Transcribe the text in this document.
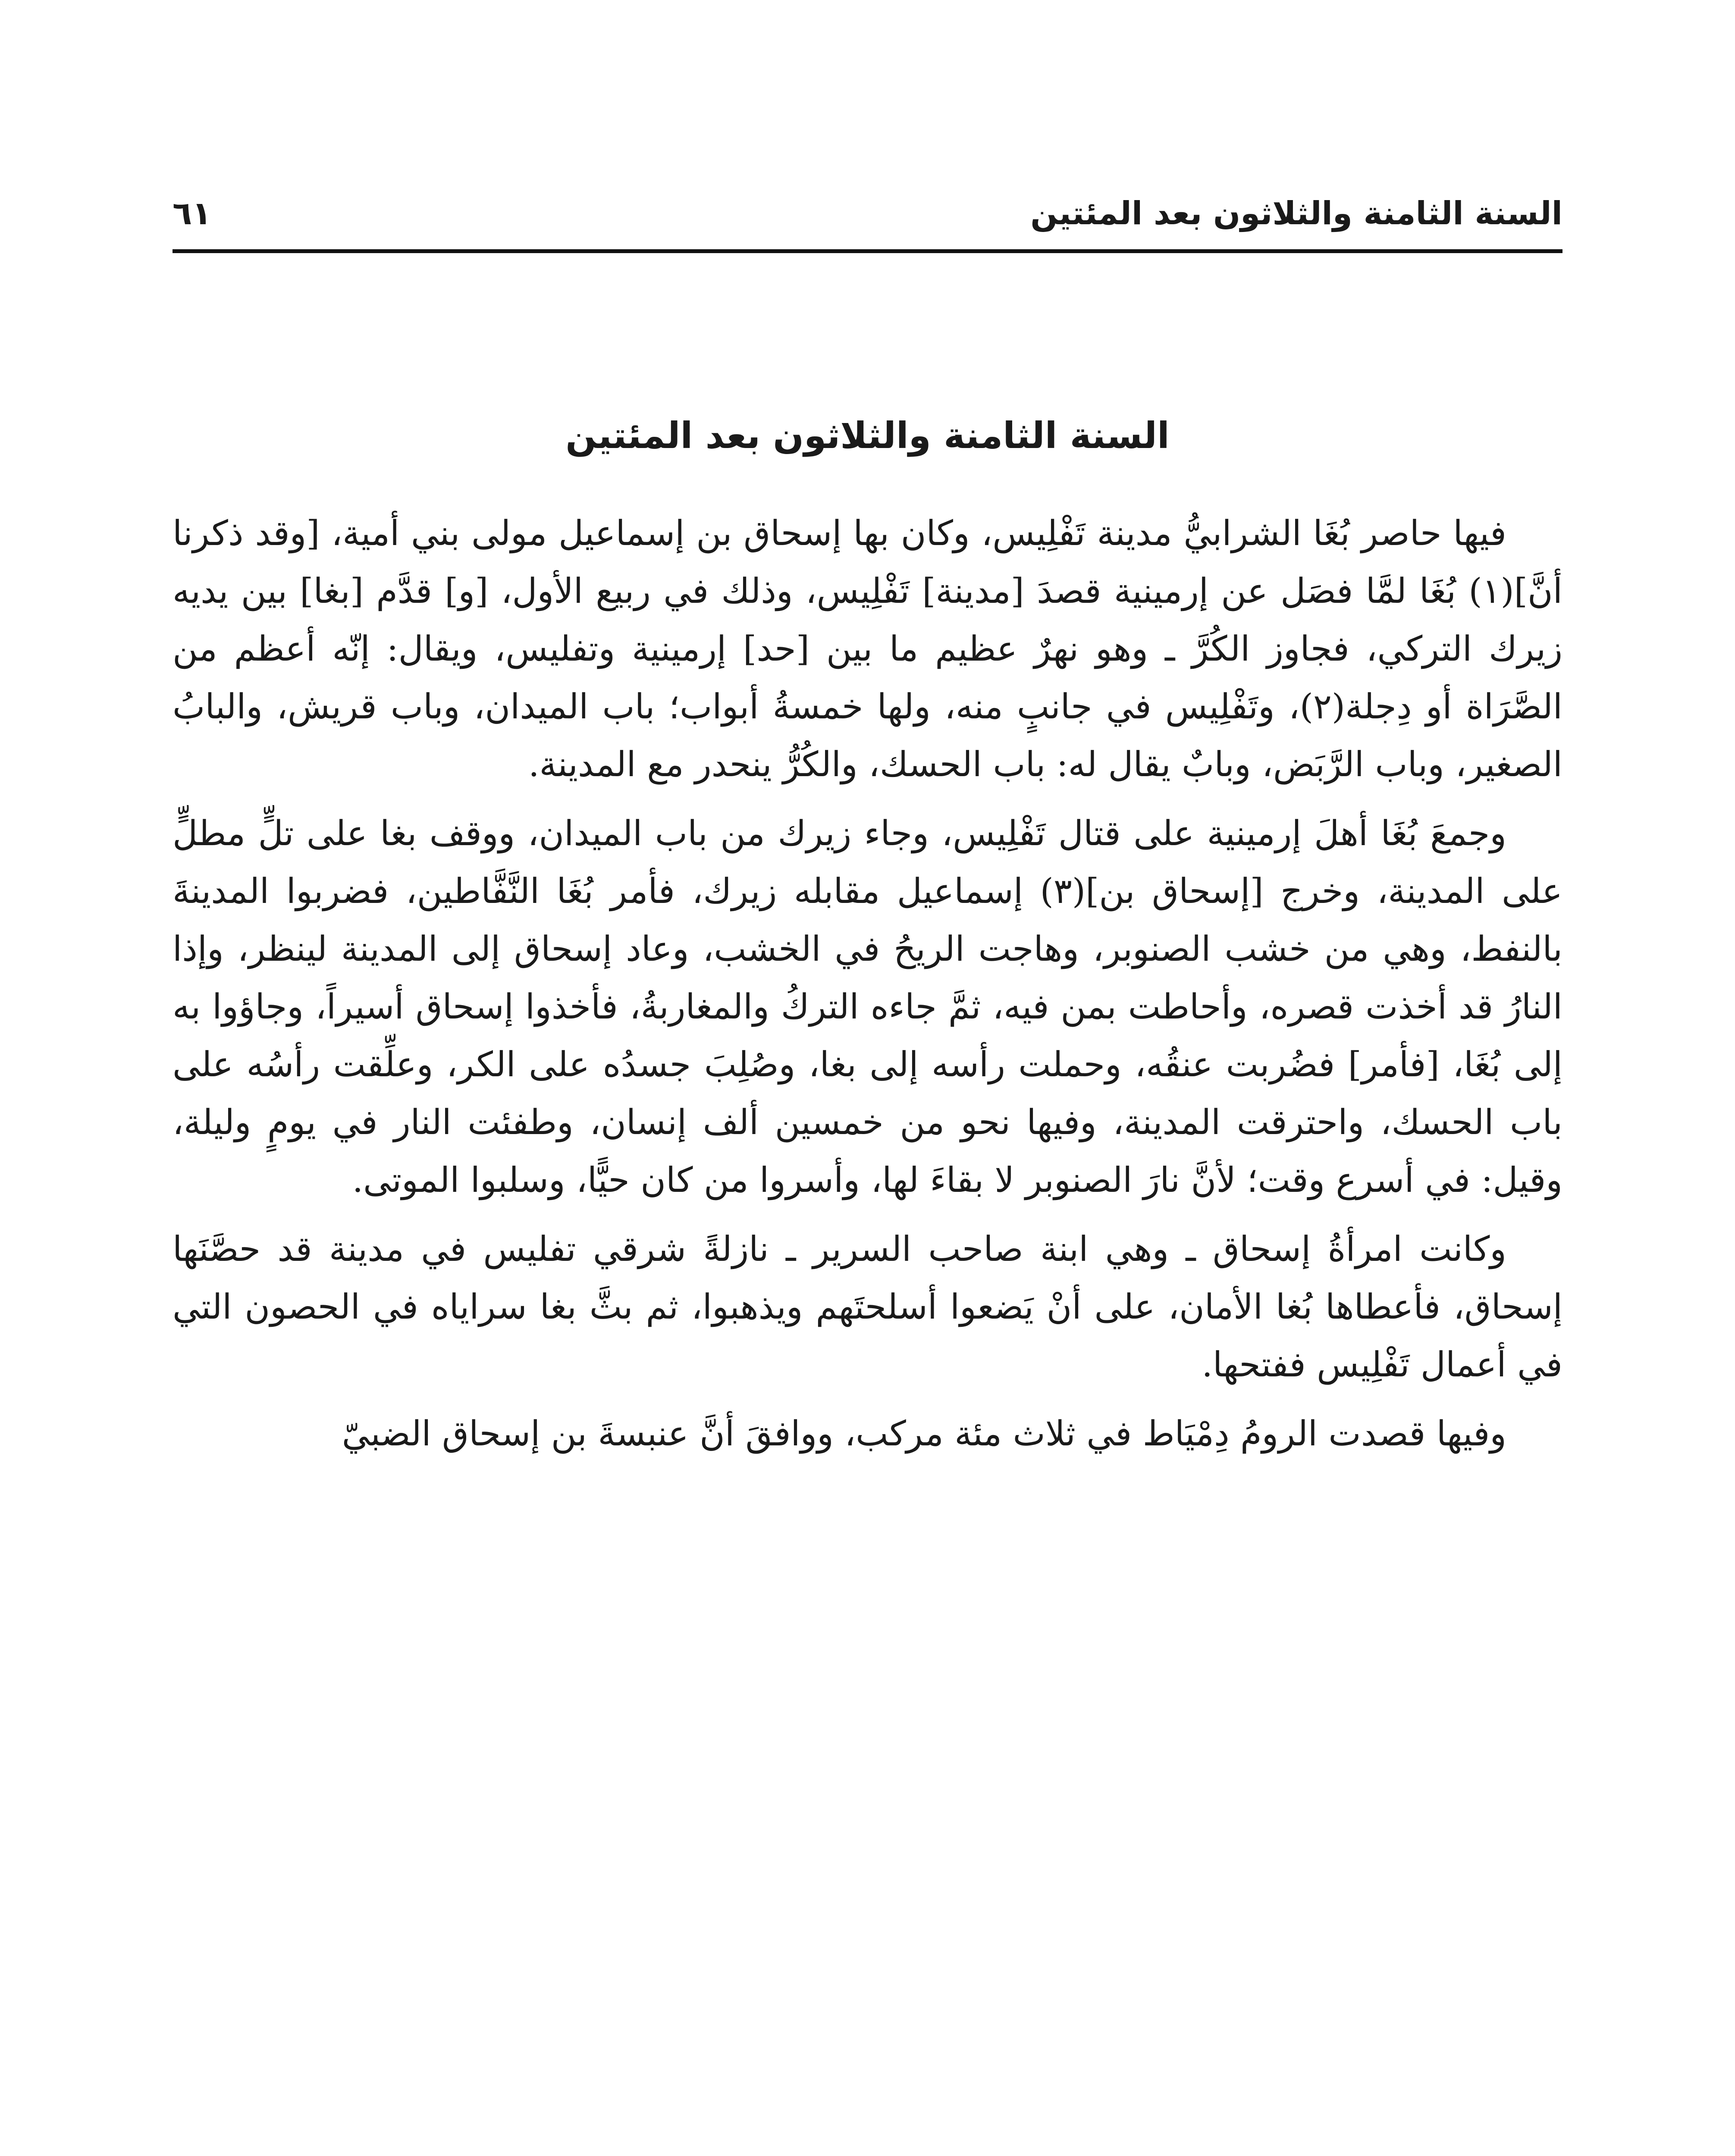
السنة الثامنة والثلاثون بعد المئتين
٦١
السنة الثامنة والثلاثون بعد المئتين

فيها حاصر بُغَا الشرابيُّ مدينة تَفْلِيس، وكان بها إسحاق بن إسماعيل مولى بني أمية، [وقد ذكرنا أنَّ](١) بُغَا لمَّا فصَل عن إرمينية قصدَ [مدينة] تَفْلِيس، وذلك في ربيع الأول، [و] قدَّم [بغا] بين يديه زيرك التركي، فجاوز الكُرَّ ـ وهو نهرٌ عظيم ما بين [حد] إرمينية وتفليس، ويقال: إنّه أعظم من الصَّرَاة أو دِجلة(٢)، وتَفْلِيس في جانبٍ منه، ولها خمسةُ أبواب؛ باب الميدان، وباب قريش، والبابُ الصغير، وباب الرَّبَض، وبابٌ يقال له: باب الحسك، والكُرُّ ينحدر مع المدينة.

وجمعَ بُغَا أهلَ إرمينية على قتال تَفْلِيس، وجاء زيرك من باب الميدان، ووقف بغا على تلٍّ مطلٍّ على المدينة، وخرج [إسحاق بن](٣) إسماعيل مقابله زيرك، فأمر بُغَا النَّفَّاطين، فضربوا المدينةَ بالنفط، وهي من خشب الصنوبر، وهاجت الريحُ في الخشب، وعاد إسحاق إلى المدينة لينظر، وإذا النارُ قد أخذت قصره، وأحاطت بمن فيه، ثمَّ جاءه التركُ والمغاربةُ، فأخذوا إسحاق أسيراً، وجاؤوا به إلى بُغَا، [فأمر] فضُربت عنقُه، وحملت رأسه إلى بغا، وصُلِبَ جسدُه على الكر، وعلِّقت رأسُه على باب الحسك، واحترقت المدينة، وفيها نحو من خمسين ألف إنسان، وطفئت النار في يومٍ وليلة، وقيل: في أسرع وقت؛ لأنَّ نارَ الصنوبر لا بقاءَ لها، وأسروا من كان حيًّا، وسلبوا الموتى.

وكانت امرأةُ إسحاق ـ وهي ابنة صاحب السرير ـ نازلةً شرقي تفليس في مدينة قد حصَّنَها إسحاق، فأعطاها بُغا الأمان، على أنْ يَضعوا أسلحتَهم ويذهبوا، ثم بثَّ بغا سراياه في الحصون التي في أعمال تَفْلِيس ففتحها.

وفيها قصدت الرومُ دِمْيَاط في ثلاث مئة مركب، ووافقَ أنَّ عنبسةَ بن إسحاق الضبيّ
